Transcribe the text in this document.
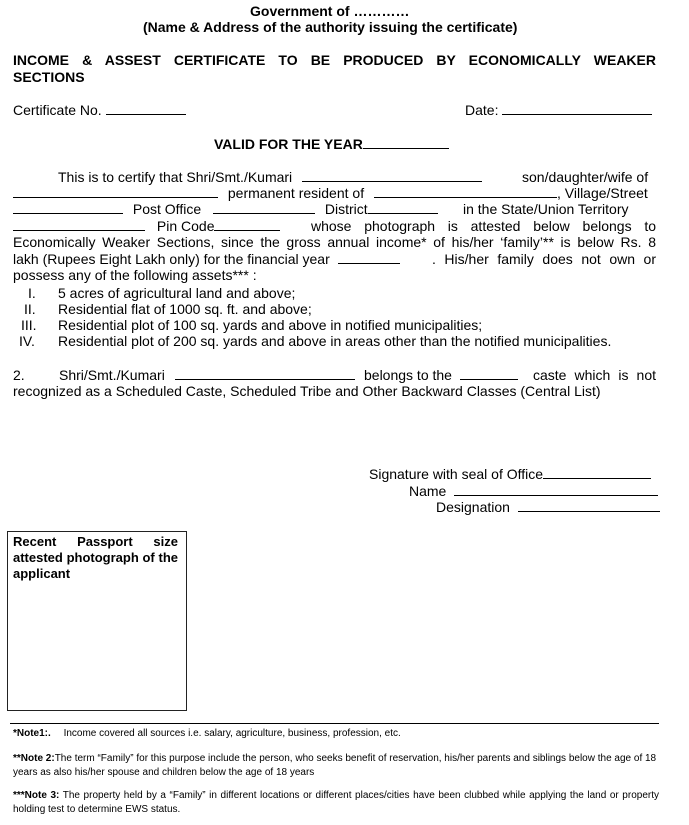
Government of …………
(Name & Address of the authority issuing the certificate)
INCOME & ASSEST CERTIFICATE TO BE PRODUCED BY ECONOMICALLY WEAKER
SECTIONS
Certificate No.	Date:
VALID FOR THE YEAR
This is to certify that Shri/Smt./Kumari	son/daughter/wife of
permanent resident of	, Village/Street
Post Office	District	in the State/Union Territory
Pin Code	whose photograph is attested below belongs to
Economically Weaker Sections, since the gross annual income* of his/her ‘family’** is below Rs. 8
lakh (Rupees Eight Lakh only) for the financial year	. His/her family does not own or
possess any of the following assets*** :
I. 5 acres of agricultural land and above;
II. Residential flat of 1000 sq. ft. and above;
III. Residential plot of 100 sq. yards and above in notified municipalities;
IV. Residential plot of 200 sq. yards and above in areas other than the notified municipalities.
2. Shri/Smt./Kumari	belongs to the	caste which is not
recognized as a Scheduled Caste, Scheduled Tribe and Other Backward Classes (Central List)
Signature with seal of Office
Name
Designation
Recent Passport size attested photograph of the applicant
*Note1:. Income covered all sources i.e. salary, agriculture, business, profession, etc.
**Note 2:The term “Family” for this purpose include the person, who seeks benefit of reservation, his/her parents and siblings below the age of 18 years as also his/her spouse and children below the age of 18 years
***Note 3: The property held by a “Family” in different locations or different places/cities have been clubbed while applying the land or property holding test to determine EWS status.
